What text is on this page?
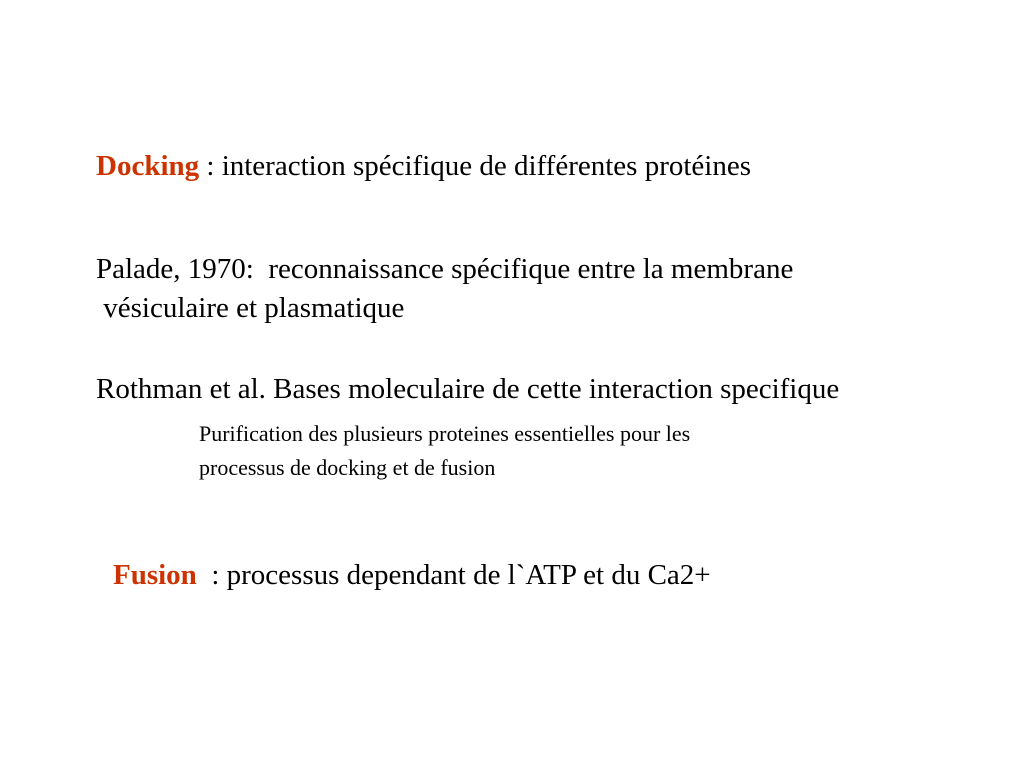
Docking : interaction spécifique de différentes protéines
Palade, 1970:  reconnaissance spécifique entre la membrane
vésiculaire et plasmatique
Rothman et al. Bases moleculaire de cette interaction specifique
Purification des plusieurs proteines essentielles pour les
processus de docking et de fusion
Fusion  : processus dependant de l`ATP et du Ca2+
